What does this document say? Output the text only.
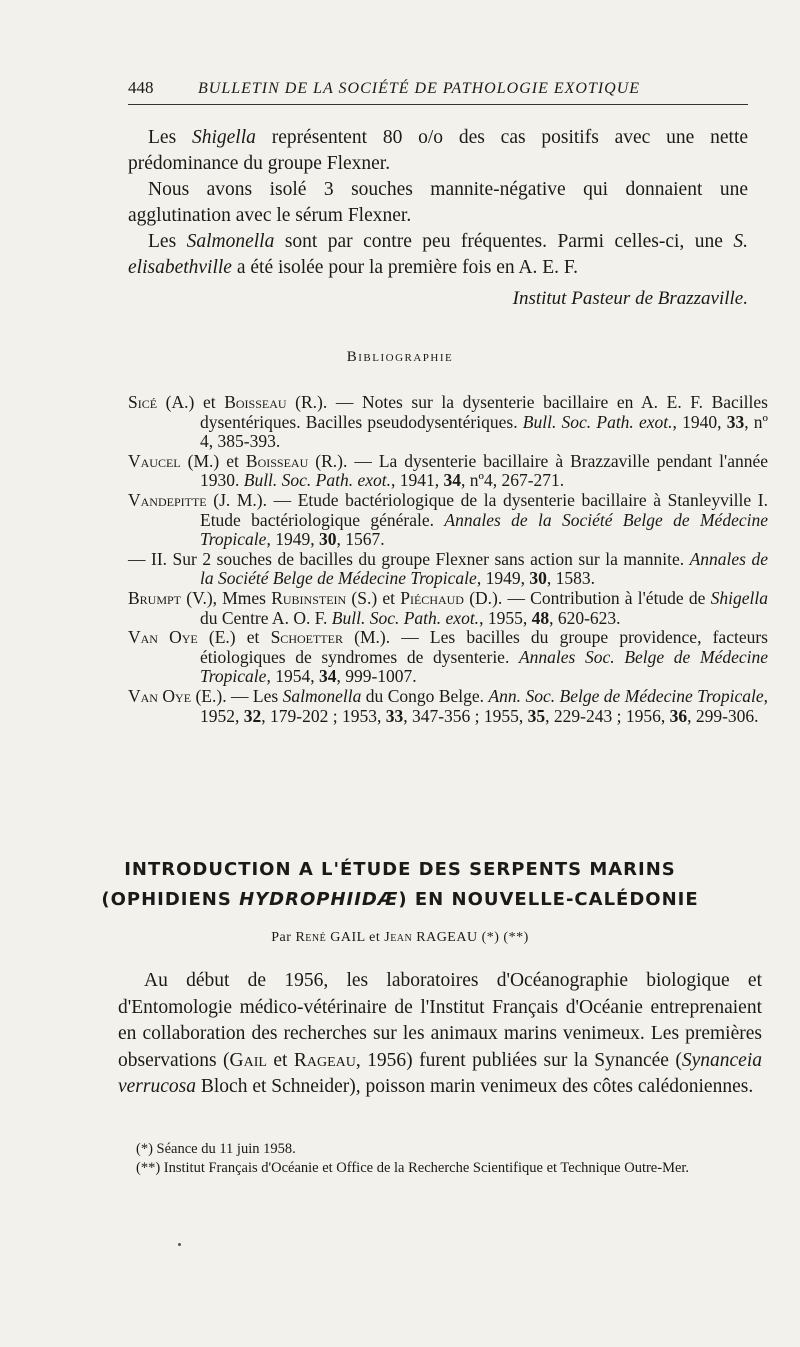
448	BULLETIN DE LA SOCIÉTÉ DE PATHOLOGIE EXOTIQUE

Les Shigella représentent 80 o/o des cas positifs avec une nette prédominance du groupe Flexner.

Nous avons isolé 3 souches mannite-négative qui donnaient une agglutination avec le sérum Flexner.

Les Salmonella sont par contre peu fréquentes. Parmi celles-ci, une S. elisabethville a été isolée pour la première fois en A. E. F.

Institut Pasteur de Brazzaville.
Bibliographie

Sicé (A.) et Boisseau (R.). — Notes sur la dysenterie bacillaire en A. E. F. Bacilles dysentériques. Bacilles pseudodysentériques. Bull. Soc. Path. exot., 1940, 33, nº 4, 385-393.

Vaucel (M.) et Boisseau (R.). — La dysenterie bacillaire à Brazzaville pendant l'année 1930. Bull. Soc. Path. exot., 1941, 34, nº4, 267-271.

Vandepitte (J. M.). — Etude bactériologique de la dysenterie bacillaire à Stanleyville I. Etude bactériologique générale. Annales de la Société Belge de Médecine Tropicale, 1949, 30, 1567.

— II. Sur 2 souches de bacilles du groupe Flexner sans action sur la mannite. Annales de la Société Belge de Médecine Tropicale, 1949, 30, 1583.

Brumpt (V.), Mmes Rubinstein (S.) et Piéchaud (D.). — Contribution à l'étude de Shigella du Centre A. O. F. Bull. Soc. Path. exot., 1955, 48, 620-623.

Van Oye (E.) et Schoetter (M.). — Les bacilles du groupe providence, facteurs étiologiques de syndromes de dysenterie. Annales Soc. Belge de Médecine Tropicale, 1954, 34, 999-1007.

Van Oye (E.). — Les Salmonella du Congo Belge. Ann. Soc. Belge de Médecine Tropicale, 1952, 32, 179-202 ; 1953, 33, 347-356 ; 1955, 35, 229-243 ; 1956, 36, 299-306.

INTRODUCTION A L'ÉTUDE DES SERPENTS MARINS
(OPHIDIENS HYDROPHIIDÆ) EN NOUVELLE-CALÉDONIE
Par René GAIL et Jean RAGEAU (*) (**)

Au début de 1956, les laboratoires d'Océanographie biologique et d'Entomologie médico-vétérinaire de l'Institut Français d'Océanie entreprenaient en collaboration des recherches sur les animaux marins venimeux. Les premières observations (Gail et Rageau, 1956) furent publiées sur la Synancée (Synanceia verrucosa Bloch et Schneider), poisson marin venimeux des côtes calédoniennes.

(*) Séance du 11 juin 1958.

(**) Institut Français d'Océanie et Office de la Recherche Scientifique et Technique Outre-Mer.
